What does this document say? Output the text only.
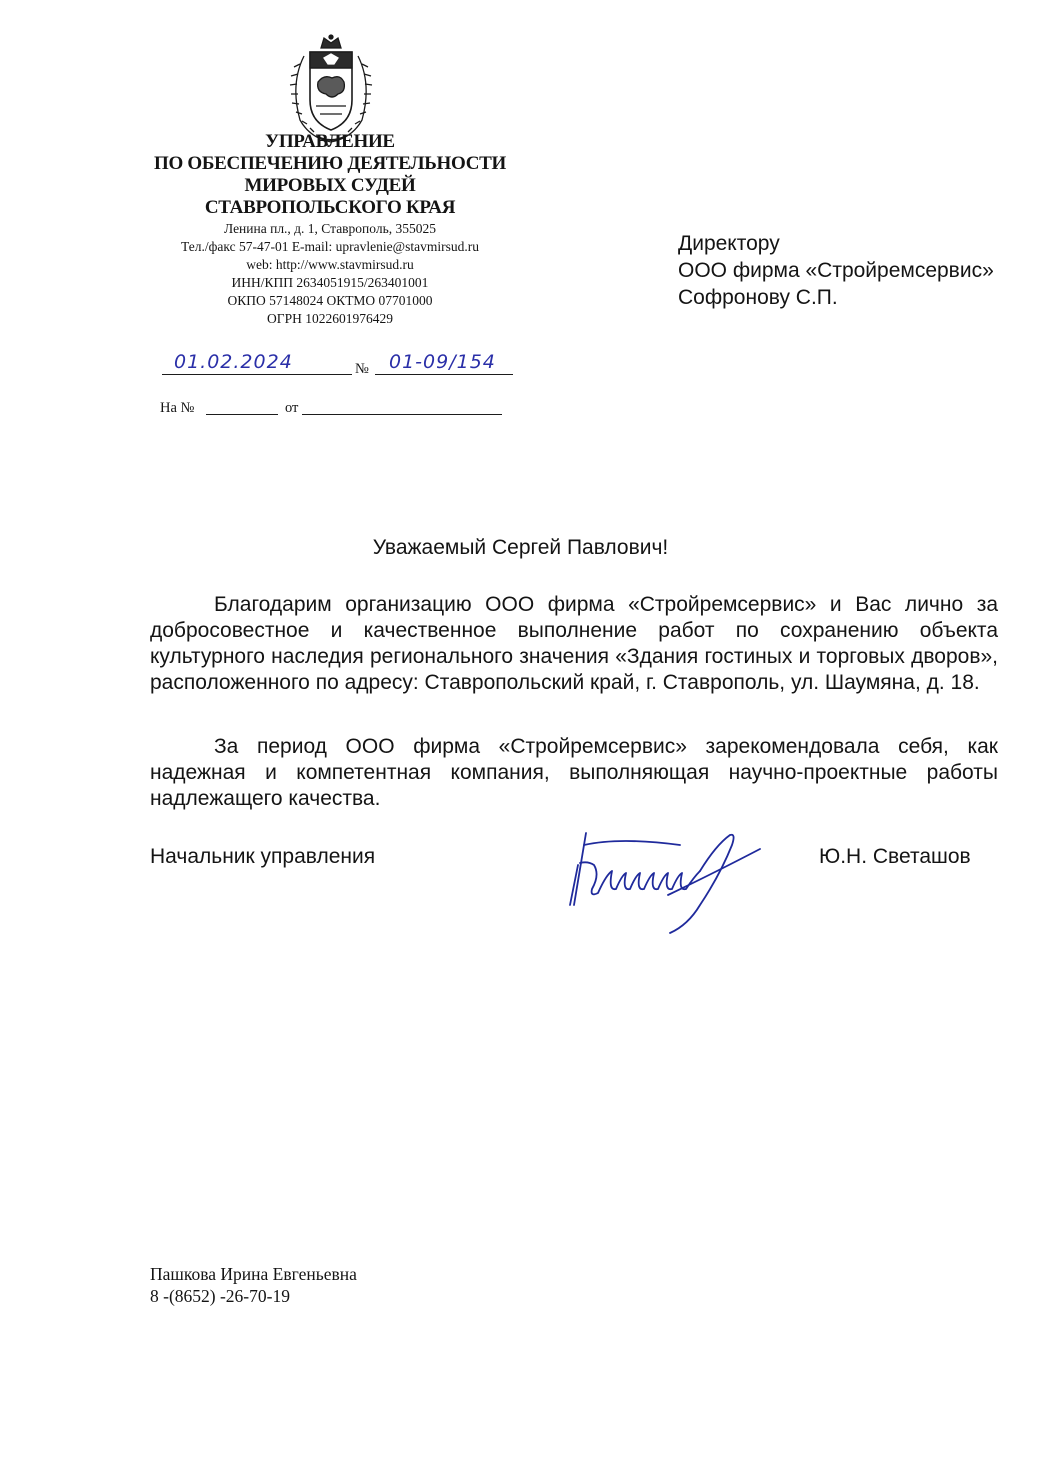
УПРАВЛЕНИЕ
ПО ОБЕСПЕЧЕНИЮ ДЕЯТЕЛЬНОСТИ
МИРОВЫХ СУДЕЙ
СТАВРОПОЛЬСКОГО КРАЯ
Ленина пл., д. 1, Ставрополь, 355025
Тел./факс 57-47-01 E-mail: upravlenie@stavmirsud.ru
web: http://www.stavmirsud.ru
ИНН/КПП 2634051915/263401001
ОКПО 57148024 ОКТМО 07701000
ОГРН 1022601976429
01.02.2024	№ 01-09/154
На №	от
Директору
ООО фирма «Стройремсервис»
Софронову С.П.
Уважаемый Сергей Павлович!
Благодарим организацию ООО фирма «Стройремсервис» и Вас лично за добросовестное и качественное выполнение работ по сохранению объекта культурного наследия регионального значения «Здания гостиных и торговых дворов», расположенного по адресу: Ставропольский край, г. Ставрополь, ул. Шаумяна, д. 18.
За период ООО фирма «Стройремсервис» зарекомендовала себя, как надежная и компетентная компания, выполняющая научно-проектные работы надлежащего качества.
Начальник управления	Ю.Н. Светашов
Пашкова Ирина Евгеньевна
8 -(8652) -26-70-19
